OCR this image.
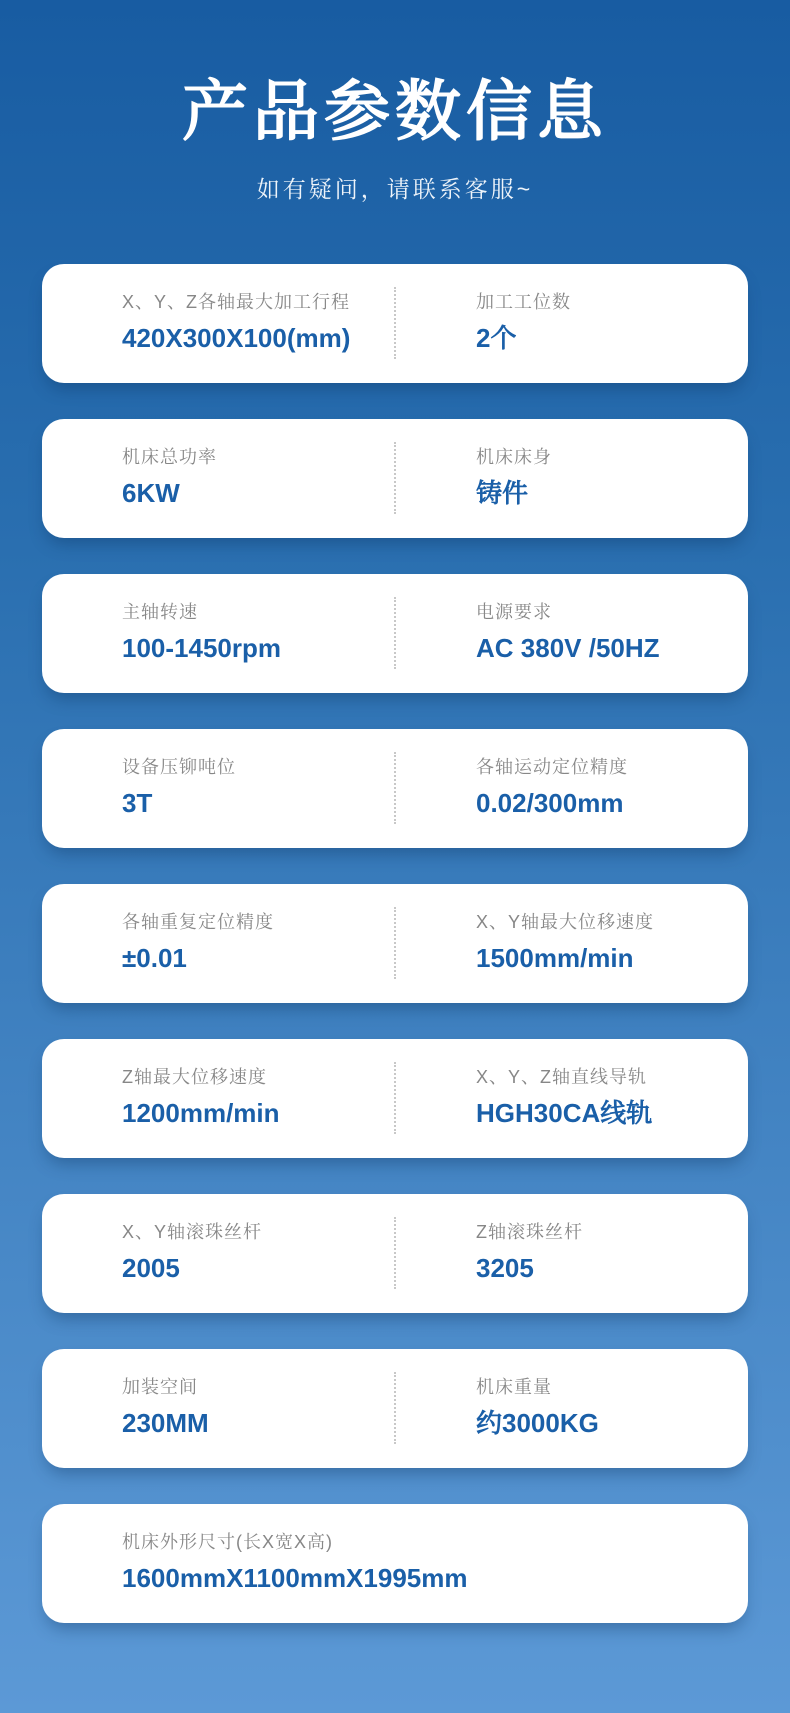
产品参数信息
如有疑问，请联系客服~
X、Y、Z各轴最大加工行程
420X300X100(mm)
加工工位数
2个
机床总功率
6KW
机床床身
铸件
主轴转速
100-1450rpm
电源要求
AC 380V /50HZ
设备压铆吨位
3T
各轴运动定位精度
0.02/300mm
各轴重复定位精度
±0.01
X、Y轴最大位移速度
1500mm/min
Z轴最大位移速度
1200mm/min
X、Y、Z轴直线导轨
HGH30CA线轨
X、Y轴滚珠丝杆
2005
Z轴滚珠丝杆
3205
加装空间
230MM
机床重量
约3000KG
机床外形尺寸(长X宽X高)
1600mmX1100mmX1995mm
